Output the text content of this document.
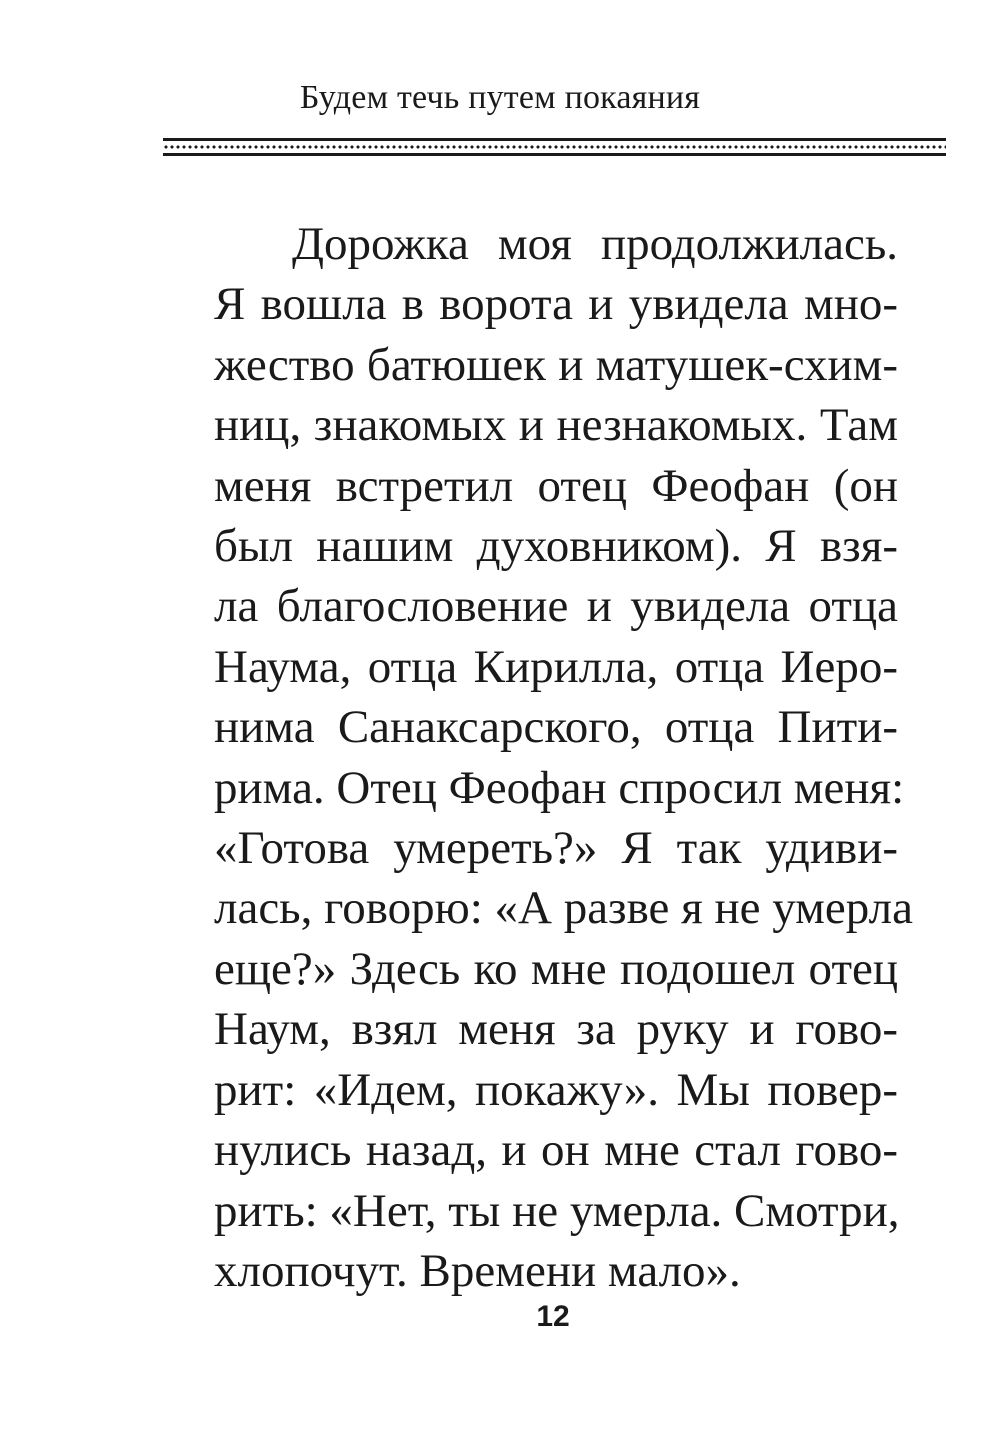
Будем течь путем покаяния
Дорожка моя продолжилась.
Я вошла в ворота и увидела мно-
жество батюшек и матушек-схим-
ниц, знакомых и незнакомых. Там
меня встретил отец Феофан (он
был нашим духовником). Я взя-
ла благословение и увидела отца
Наума, отца Кирилла, отца Иеро-
нима Санаксарского, отца Пити-
рима. Отец Феофан спросил меня:
«Готова умереть?» Я так удиви-
лась, говорю: «А разве я не умерла
еще?» Здесь ко мне подошел отец
Наум, взял меня за руку и гово-
рит: «Идем, покажу». Мы повер-
нулись назад, и он мне стал гово-
рить: «Нет, ты не умерла. Смотри,
хлопочут. Времени мало».
12
